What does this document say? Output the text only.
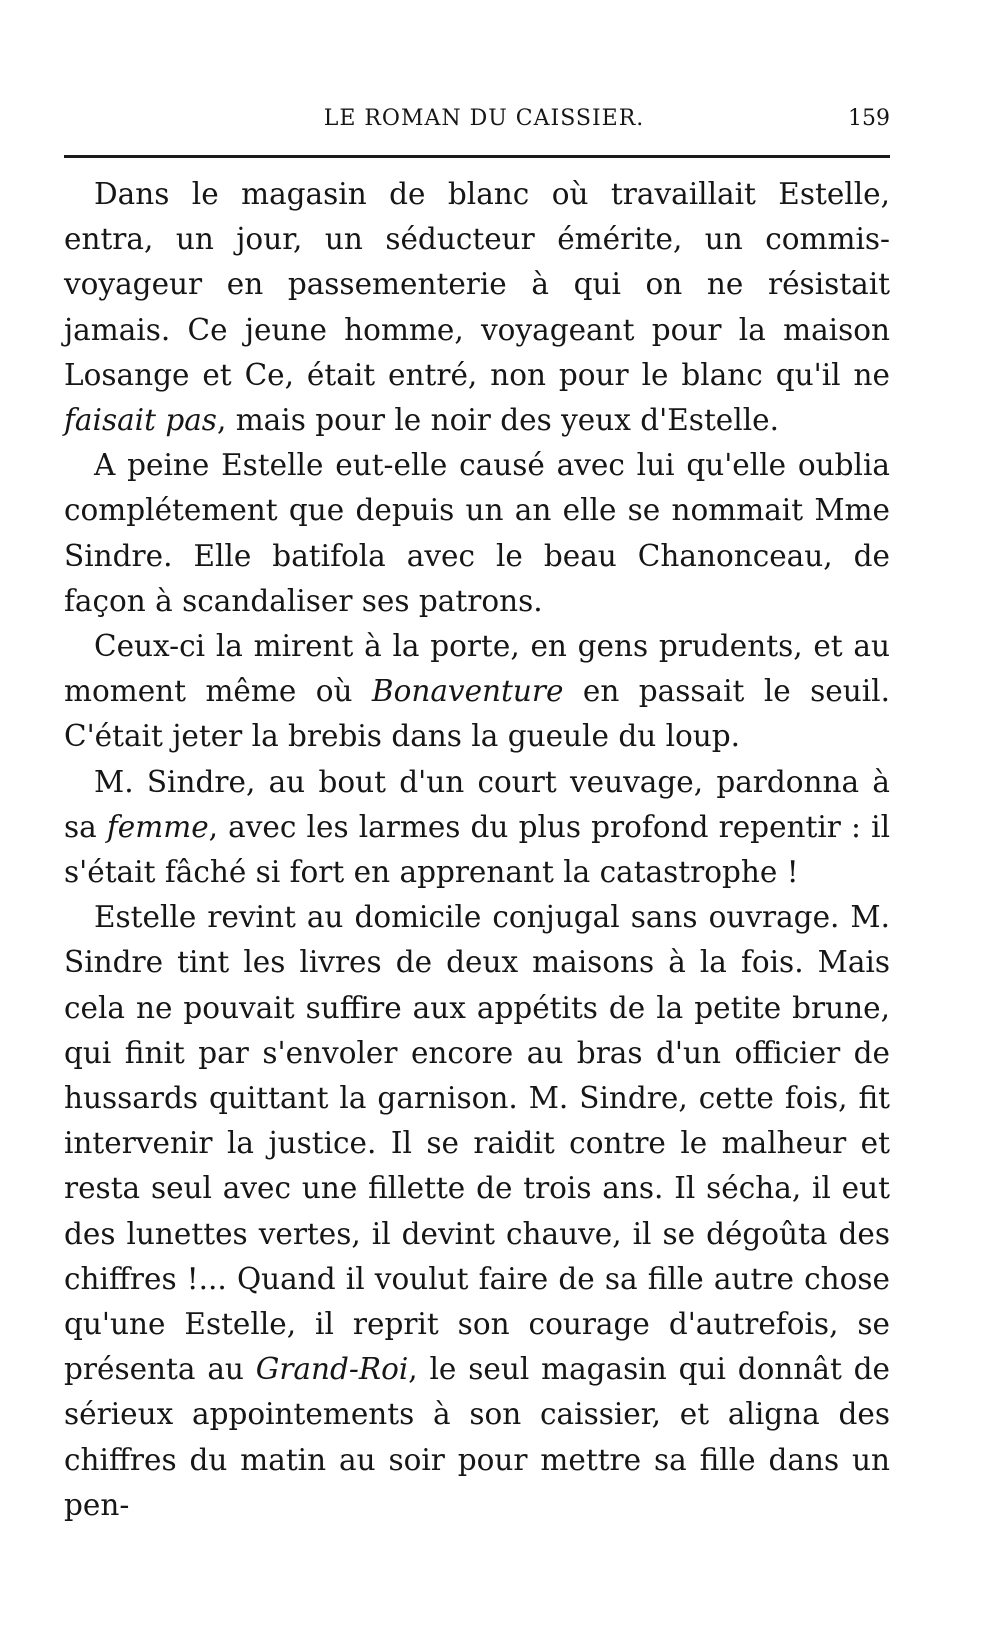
LE ROMAN DU CAISSIER.	159

Dans le magasin de blanc où travaillait Estelle, entra, un jour, un séducteur émérite, un commis-voyageur en passementerie à qui on ne résistait jamais. Ce jeune homme, voyageant pour la maison Losange et Ce, était entré, non pour le blanc qu'il ne faisait pas, mais pour le noir des yeux d'Estelle.

A peine Estelle eut-elle causé avec lui qu'elle oublia complétement que depuis un an elle se nommait Mme Sindre. Elle batifola avec le beau Chanonceau, de façon à scandaliser ses patrons.

Ceux-ci la mirent à la porte, en gens prudents, et au moment même où Bonaventure en passait le seuil. C'était jeter la brebis dans la gueule du loup.

M. Sindre, au bout d'un court veuvage, pardonna à sa femme, avec les larmes du plus profond repentir : il s'était fâché si fort en apprenant la catastrophe !

Estelle revint au domicile conjugal sans ouvrage. M. Sindre tint les livres de deux maisons à la fois. Mais cela ne pouvait suffire aux appétits de la petite brune, qui finit par s'envoler encore au bras d'un officier de hussards quittant la garnison. M. Sindre, cette fois, fit intervenir la justice. Il se raidit contre le malheur et resta seul avec une fillette de trois ans. Il sécha, il eut des lunettes vertes, il devint chauve, il se dégoûta des chiffres !... Quand il voulut faire de sa fille autre chose qu'une Estelle, il reprit son courage d'autrefois, se présenta au Grand-Roi, le seul magasin qui donnât de sérieux appointements à son caissier, et aligna des chiffres du matin au soir pour mettre sa fille dans un pen-
